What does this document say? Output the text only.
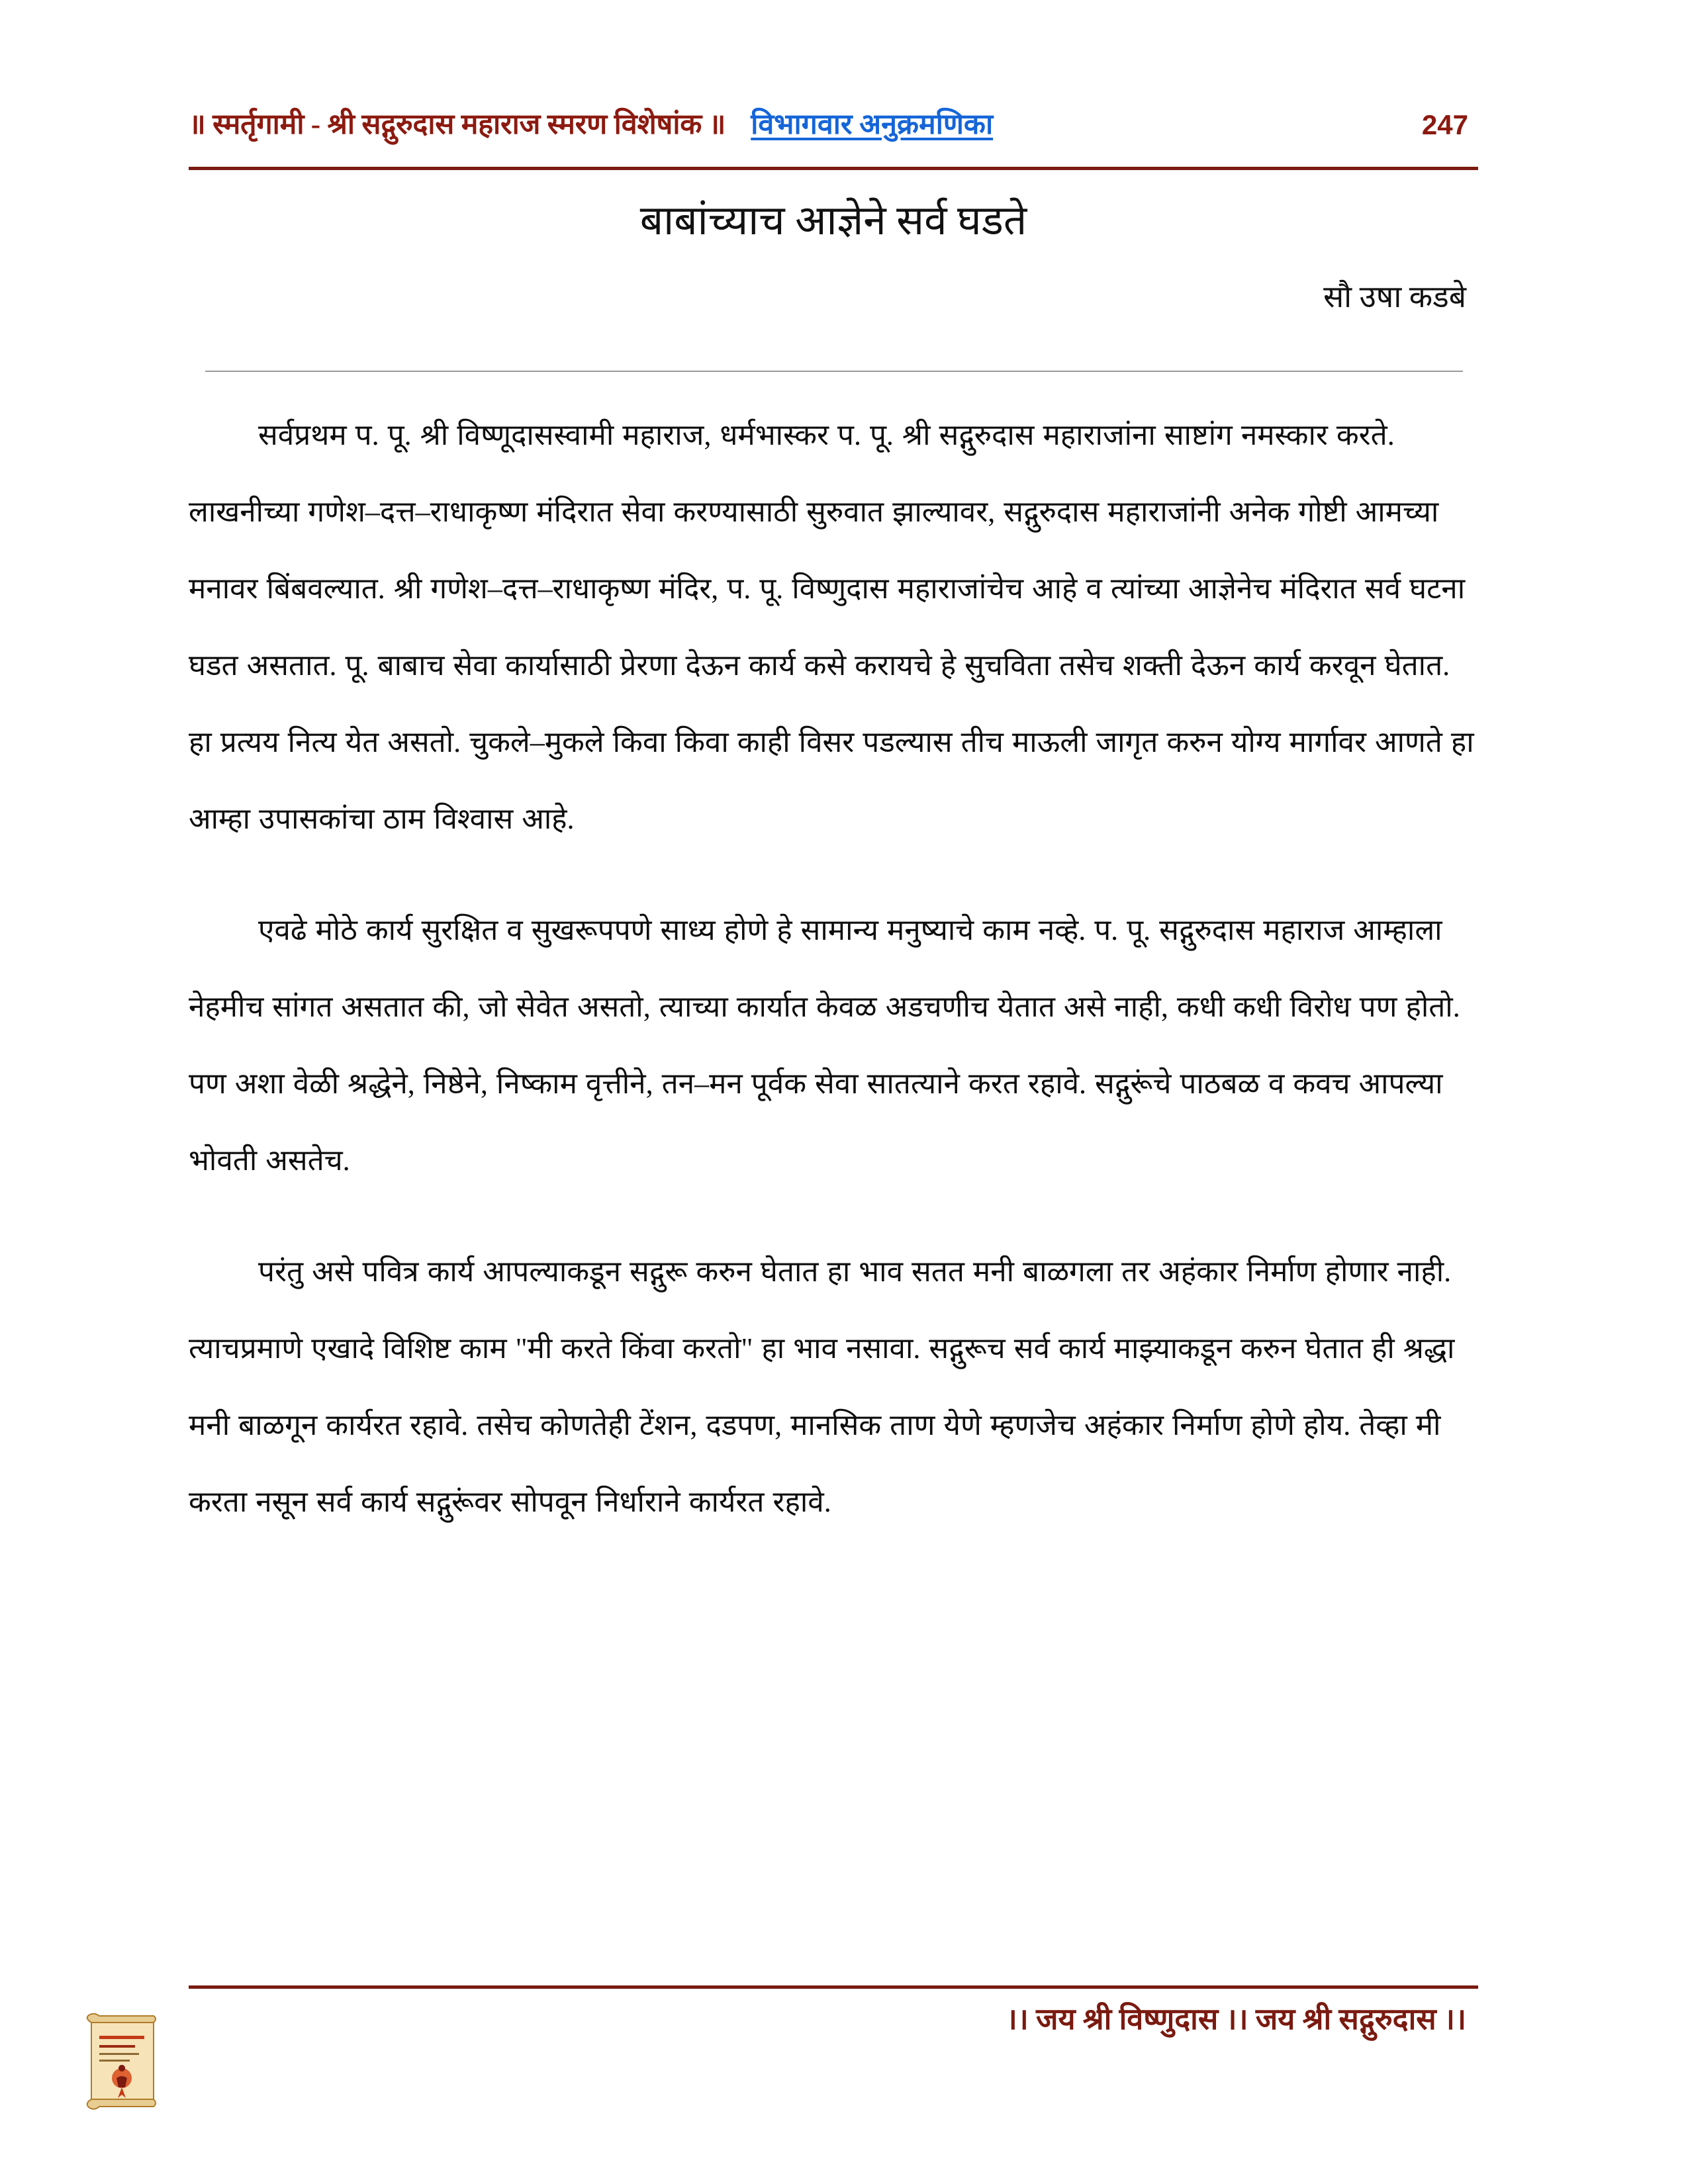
॥ स्मर्तृगामी - श्री सद्गुरुदास महाराज स्मरण विशेषांक ॥ विभागवार अनुक्रमणिका	247
बाबांच्याच आज्ञेने सर्व घडते
सौ उषा कडबे

सर्वप्रथम प. पू. श्री विष्णूदासस्वामी महाराज, धर्मभास्कर प. पू. श्री सद्गुरुदास महाराजांना साष्टांग नमस्कार करते. लाखनीच्या गणेश–दत्त–राधाकृष्ण मंदिरात सेवा करण्यासाठी सुरुवात झाल्यावर, सद्गुरुदास महाराजांनी अनेक गोष्टी आमच्या मनावर बिंबवल्यात. श्री गणेश–दत्त–राधाकृष्ण मंदिर, प. पू. विष्णुदास महाराजांचेच आहे व त्यांच्या आज्ञेनेच मंदिरात सर्व घटना घडत असतात. पू. बाबाच सेवा कार्यासाठी प्रेरणा देऊन कार्य कसे करायचे हे सुचविता तसेच शक्ती देऊन कार्य करवून घेतात. हा प्रत्यय नित्य येत असतो. चुकले–मुकले किवा किवा काही विसर पडल्यास तीच माऊली जागृत करुन योग्य मार्गावर आणते हा आम्हा उपासकांचा ठाम विश्वास आहे.

एवढे मोठे कार्य सुरक्षित व सुखरूपपणे साध्य होणे हे सामान्य मनुष्याचे काम नव्हे. प. पू. सद्गुरुदास महाराज आम्हाला नेहमीच सांगत असतात की, जो सेवेत असतो, त्याच्या कार्यात केवळ अडचणीच येतात असे नाही, कधी कधी विरोध पण होतो. पण अशा वेळी श्रद्धेने, निष्ठेने, निष्काम वृत्तीने, तन–मन पूर्वक सेवा सातत्याने करत रहावे. सद्गुरूंचे पाठबळ व कवच आपल्या भोवती असतेच.

परंतु असे पवित्र कार्य आपल्याकडून सद्गुरू करुन घेतात हा भाव सतत मनी बाळगला तर अहंकार निर्माण होणार नाही. त्याचप्रमाणे एखादे विशिष्ट काम "मी करते किंवा करतो" हा भाव नसावा. सद्गुरूच सर्व कार्य माझ्याकडून करुन घेतात ही श्रद्धा मनी बाळगून कार्यरत रहावे. तसेच कोणतेही टेंशन, दडपण, मानसिक ताण येणे म्हणजेच अहंकार निर्माण होणे होय. तेव्हा मी करता नसून सर्व कार्य सद्गुरूंवर सोपवून निर्धाराने कार्यरत रहावे.

।। जय श्री विष्णुदास ।। जय श्री सद्गुरुदास ।।
